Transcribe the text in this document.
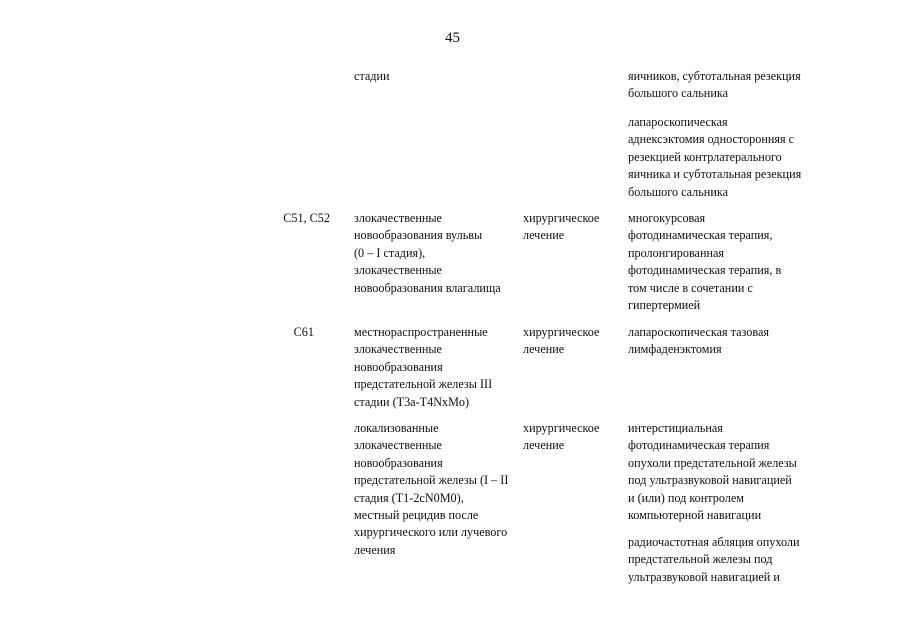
45
стадии	яичников, субтотальная резекция
большого сальника
лапароскопическая
аднексэктомия односторонняя с
резекцией контрлатерального
яичника и субтотальная резекция
большого сальника
C51, C52 злокачественные
новообразования вульвы
(0 – I стадия),
злокачественные
новообразования влагалища
хирургическое
лечение
многокурсовая
фотодинамическая терапия,
пролонгированная
фотодинамическая терапия, в
том числе в сочетании с
гипертермией
C61	местнораспространенные
злокачественные
новообразования
предстательной железы III
стадии (T3a-T4NxMo)
хирургическое
лечение
лапароскопическая тазовая
лимфаденэктомия
локализованные
злокачественные
новообразования
предстательной железы (I – II
стадия (T1-2cN0M0),
местный рецидив после
хирургического или лучевого
лечения
хирургическое
лечение
интерстициальная
фотодинамическая терапия
опухоли предстательной железы
под ультразвуковой навигацией
и (или) под контролем
компьютерной навигации
радиочастотная абляция опухоли
предстательной железы под
ультразвуковой навигацией и
